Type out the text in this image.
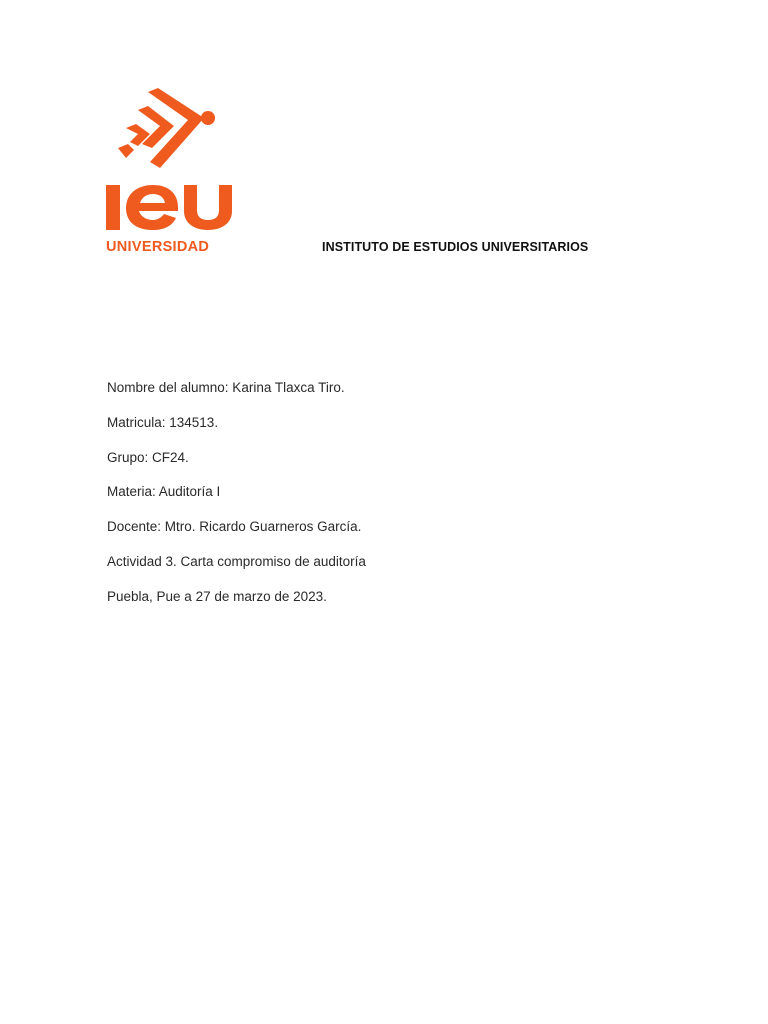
UNIVERSIDAD	INSTITUTO DE ESTUDIOS UNIVERSITARIOS
Nombre del alumno: Karina Tlaxca Tiro.
Matricula: 134513.
Grupo: CF24.
Materia: Auditoría I
Docente: Mtro. Ricardo Guarneros García.
Actividad 3. Carta compromiso de auditoría
Puebla, Pue a 27 de marzo de 2023.
